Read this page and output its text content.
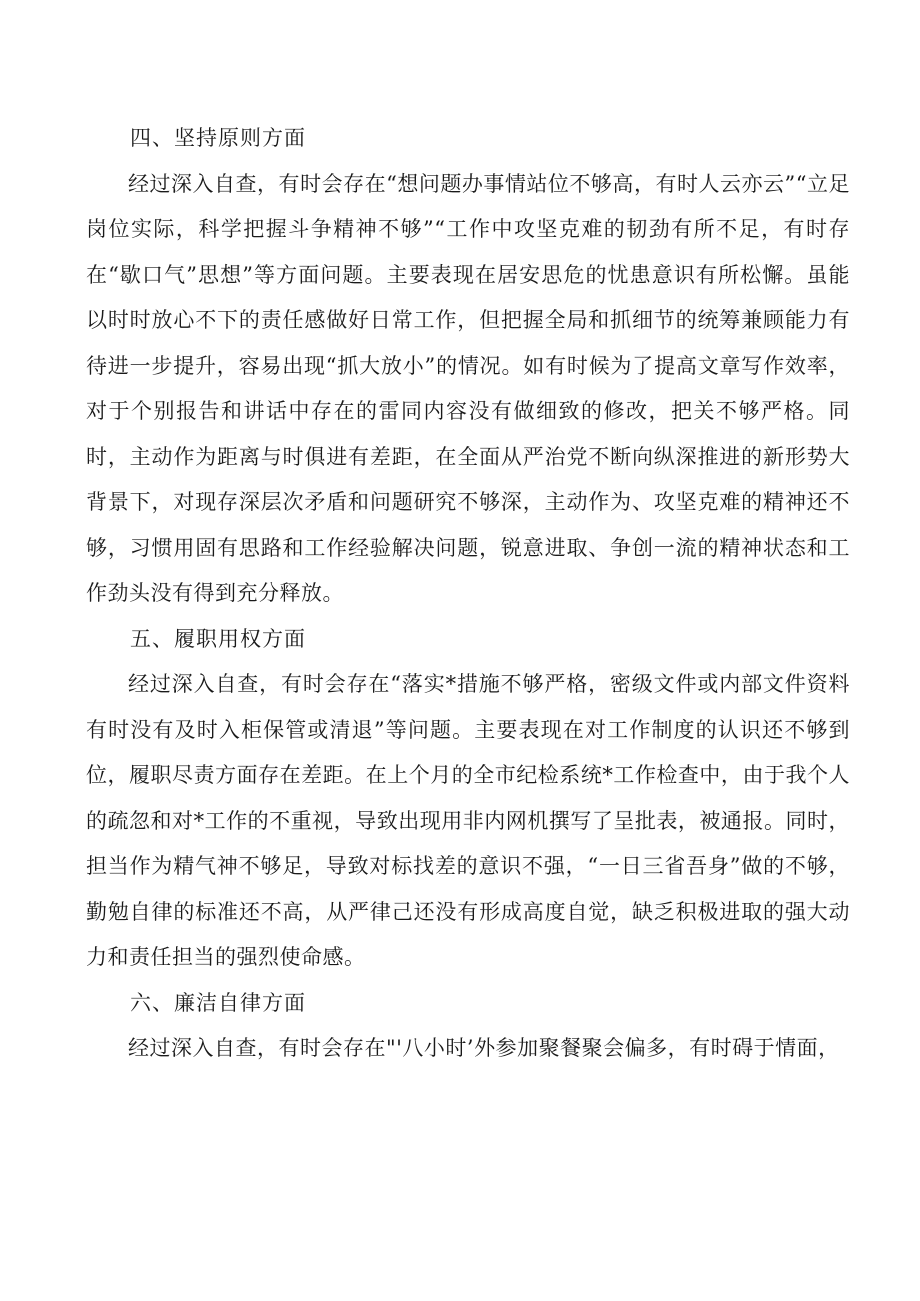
四、坚持原则方面

经过深入自查，有时会存在“想问题办事情站位不够高，有时人云亦云”“立足岗位实际，科学把握斗争精神不够”“工作中攻坚克难的韧劲有所不足，有时存在“歇口气”思想”等方面问题。主要表现在居安思危的忧患意识有所松懈。虽能以时时放心不下的责任感做好日常工作，但把握全局和抓细节的统筹兼顾能力有待进一步提升，容易出现“抓大放小”的情况。如有时候为了提高文章写作效率，对于个别报告和讲话中存在的雷同内容没有做细致的修改，把关不够严格。同时，主动作为距离与时俱进有差距，在全面从严治党不断向纵深推进的新形势大背景下，对现存深层次矛盾和问题研究不够深，主动作为、攻坚克难的精神还不够，习惯用固有思路和工作经验解决问题，锐意进取、争创一流的精神状态和工作劲头没有得到充分释放。

五、履职用权方面

经过深入自查，有时会存在“落实*措施不够严格，密级文件或内部文件资料有时没有及时入柜保管或清退”等问题。主要表现在对工作制度的认识还不够到位，履职尽责方面存在差距。在上个月的全市纪检系统*工作检查中，由于我个人的疏忽和对*工作的不重视，导致出现用非内网机撰写了呈批表，被通报。同时，担当作为精气神不够足，导致对标找差的意识不强，“一日三省吾身”做的不够，勤勉自律的标准还不高，从严律己还没有形成高度自觉，缺乏积极进取的强大动力和责任担当的强烈使命感。

六、廉洁自律方面

经过深入自查，有时会存在"'八小时’外参加聚餐聚会偏多，有时碍于情面，
